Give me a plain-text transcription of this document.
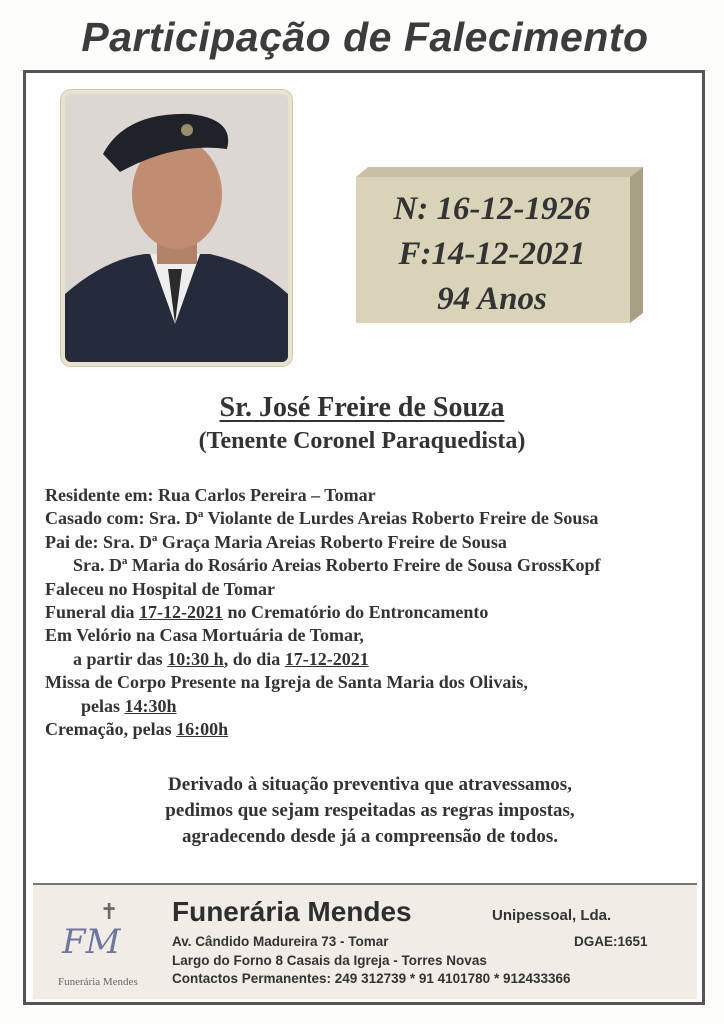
Participação de Falecimento
N: 16-12-1926
F:14-12-2021
94 Anos
Sr. José Freire de Souza
(Tenente Coronel Paraquedista)
Residente em: Rua Carlos Pereira – Tomar
Casado com: Sra. Dª Violante de Lurdes Areias Roberto Freire de Sousa
Pai de: Sra. Dª Graça Maria Areias Roberto Freire de Sousa
Sra. Dª Maria do Rosário Areias Roberto Freire de Sousa GrossKopf
Faleceu no Hospital de Tomar
Funeral dia 17-12-2021 no Crematório do Entroncamento
Em Velório na Casa Mortuária de Tomar,
a partir das 10:30 h, do dia 17-12-2021
Missa de Corpo Presente na Igreja de Santa Maria dos Olivais,
pelas 14:30h
Cremação, pelas 16:00h
Derivado à situação preventiva que atravessamos,
pedimos que sejam respeitadas as regras impostas,
agradecendo desde já a compreensão de todos.
✝
FM
Funerária Mendes
Funerária Mendes	Unipessoal, Lda.
Av. Cândido Madureira 73 - Tomar	DGAE:1651
Largo do Forno 8 Casais da Igreja - Torres Novas
Contactos Permanentes: 249 312739 * 91 4101780 * 912433366
